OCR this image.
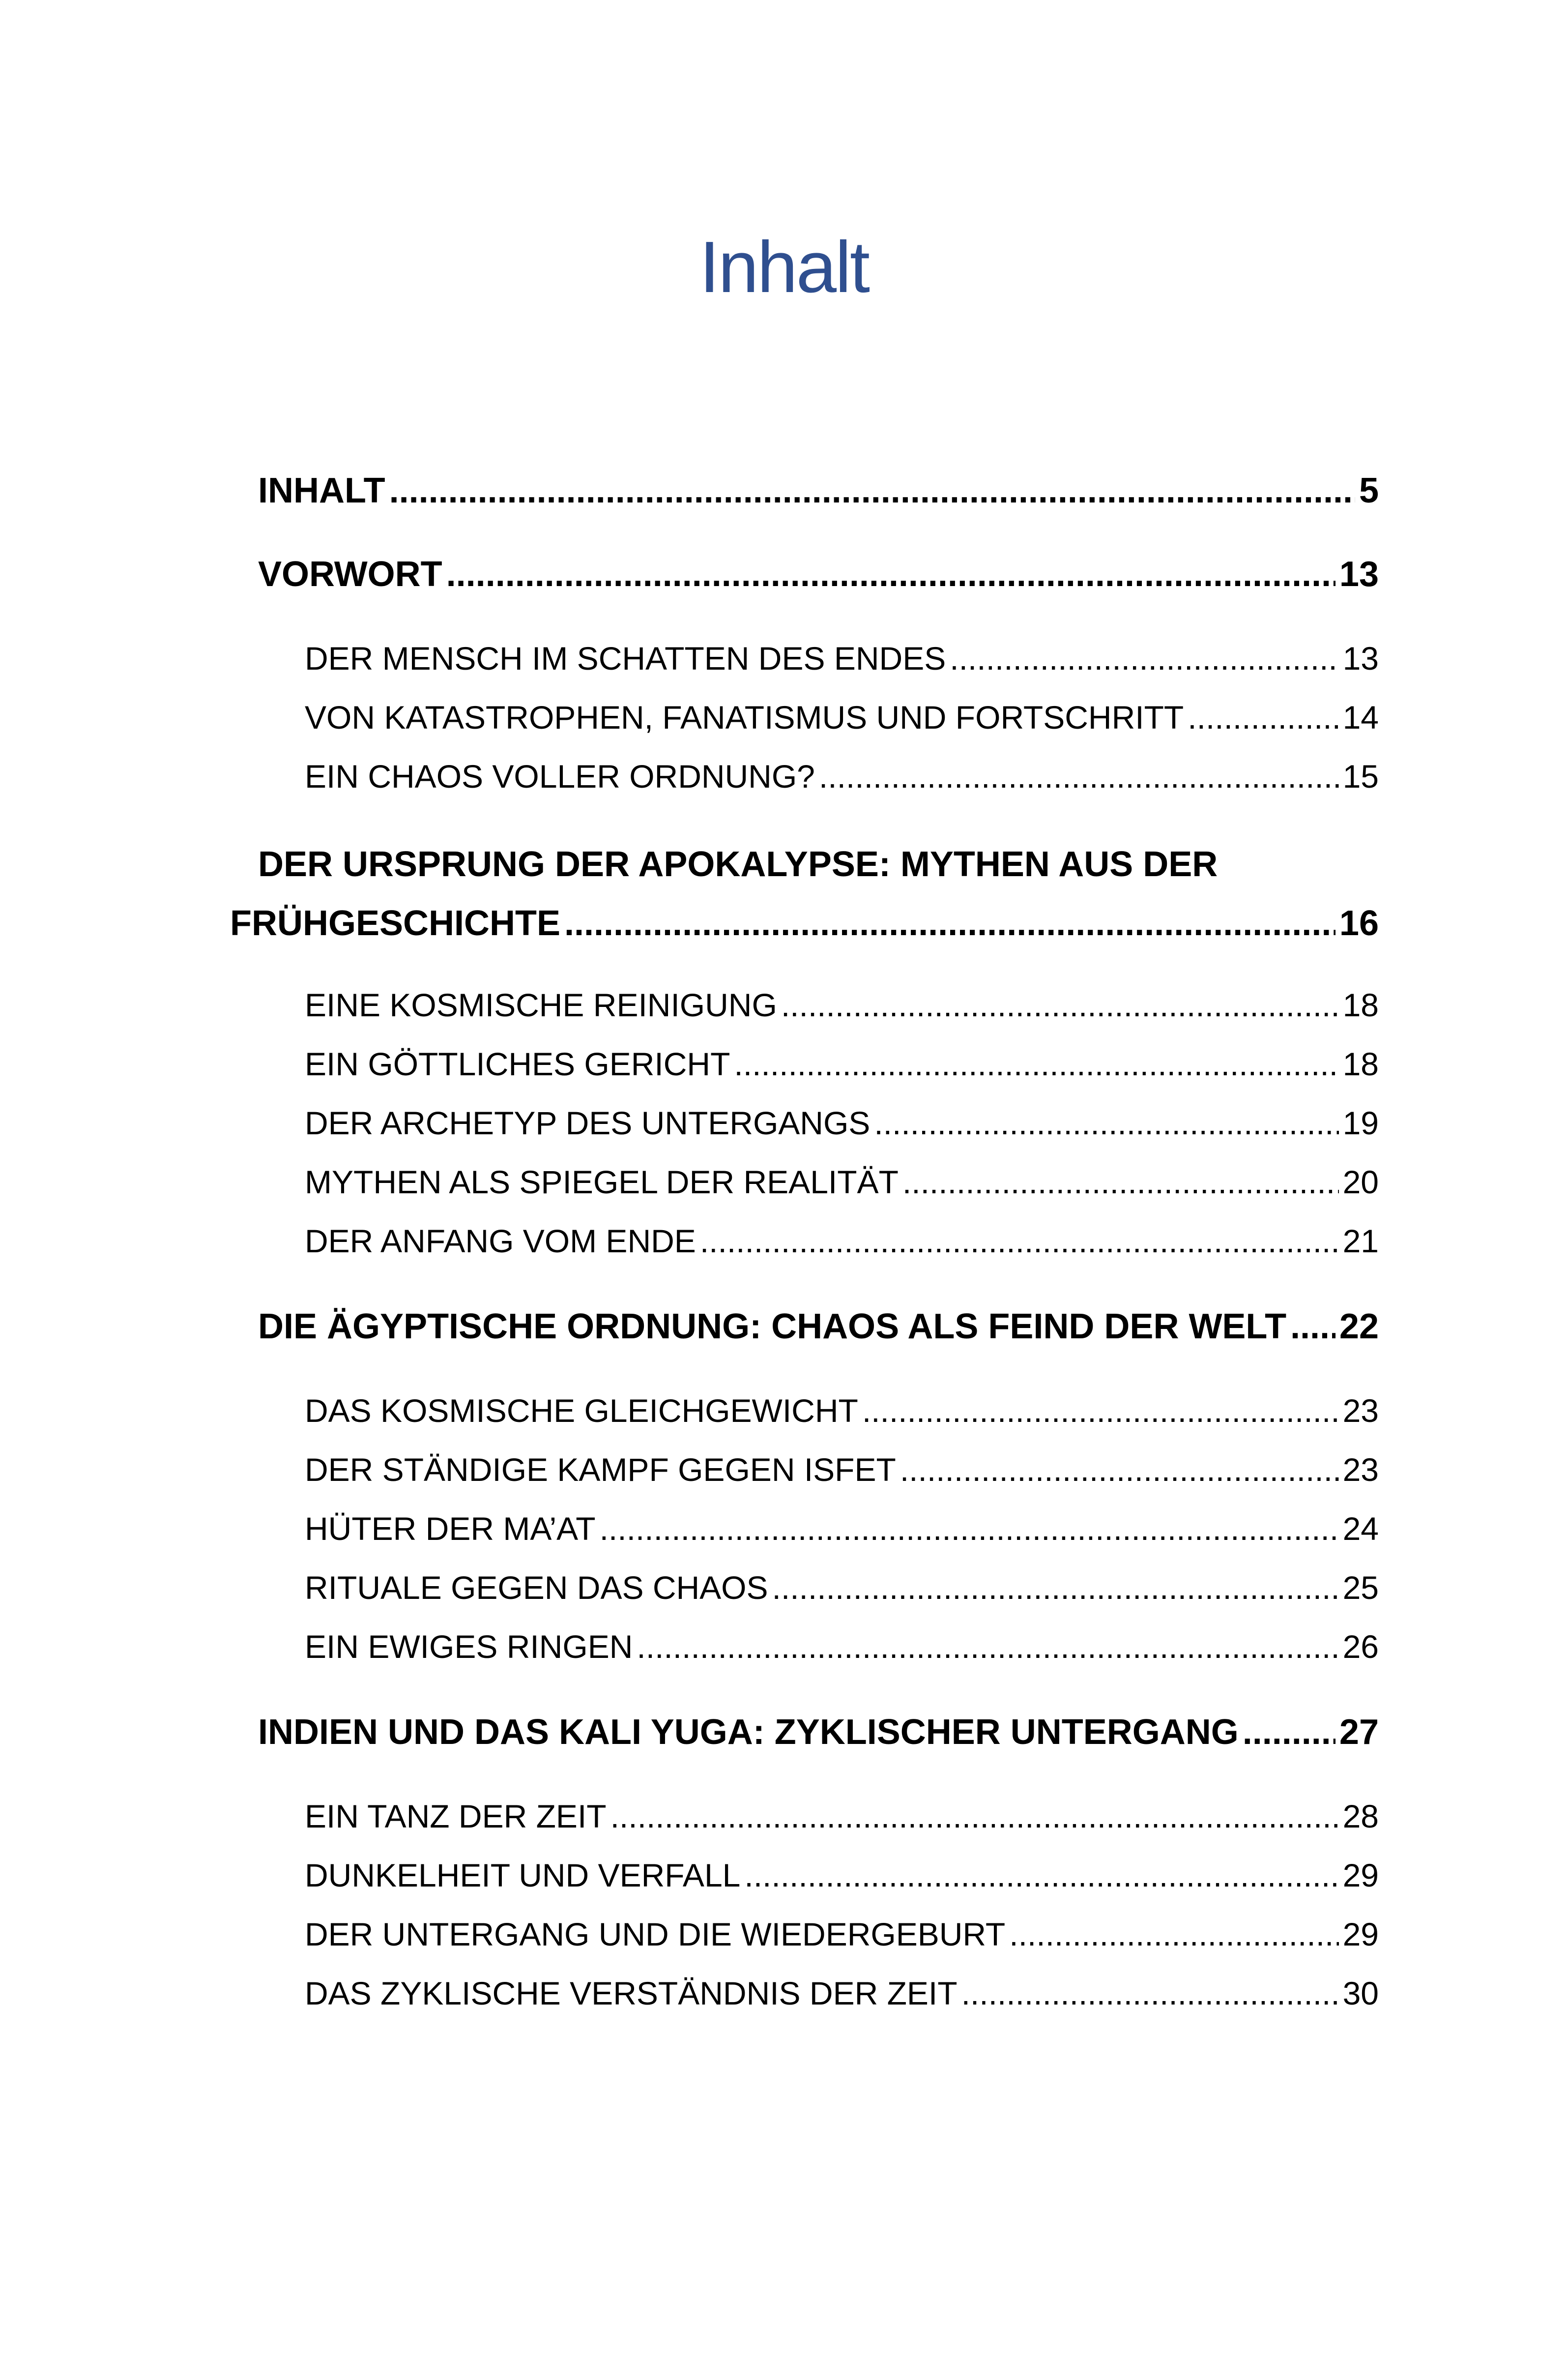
Inhalt
INHALT .....	5
VORWORT .....	13
DER MENSCH IM SCHATTEN DES ENDES .....	13
VON KATASTROPHEN, FANATISMUS UND FORTSCHRITT .....	14
EIN CHAOS VOLLER ORDNUNG? .....	15
DER URSPRUNG DER APOKALYPSE: MYTHEN AUS DER
FRÜHGESCHICHTE .....	16
EINE KOSMISCHE REINIGUNG .....	18
EIN GÖTTLICHES GERICHT .....	18
DER ARCHETYP DES UNTERGANGS .....	19
MYTHEN ALS SPIEGEL DER REALITÄT .....	20
DER ANFANG VOM ENDE .....	21
DIE ÄGYPTISCHE ORDNUNG: CHAOS ALS FEIND DER WELT ..... 22
DAS KOSMISCHE GLEICHGEWICHT .....	23
DER STÄNDIGE KAMPF GEGEN ISFET .....	23
HÜTER DER MA’AT .....	24
RITUALE GEGEN DAS CHAOS .....	25
EIN EWIGES RINGEN .....	26
INDIEN UND DAS KALI YUGA: ZYKLISCHER UNTERGANG .....	27
EIN TANZ DER ZEIT .....	28
DUNKELHEIT UND VERFALL .....	29
DER UNTERGANG UND DIE WIEDERGEBURT .....	29
DAS ZYKLISCHE VERSTÄNDNIS DER ZEIT .....	30
